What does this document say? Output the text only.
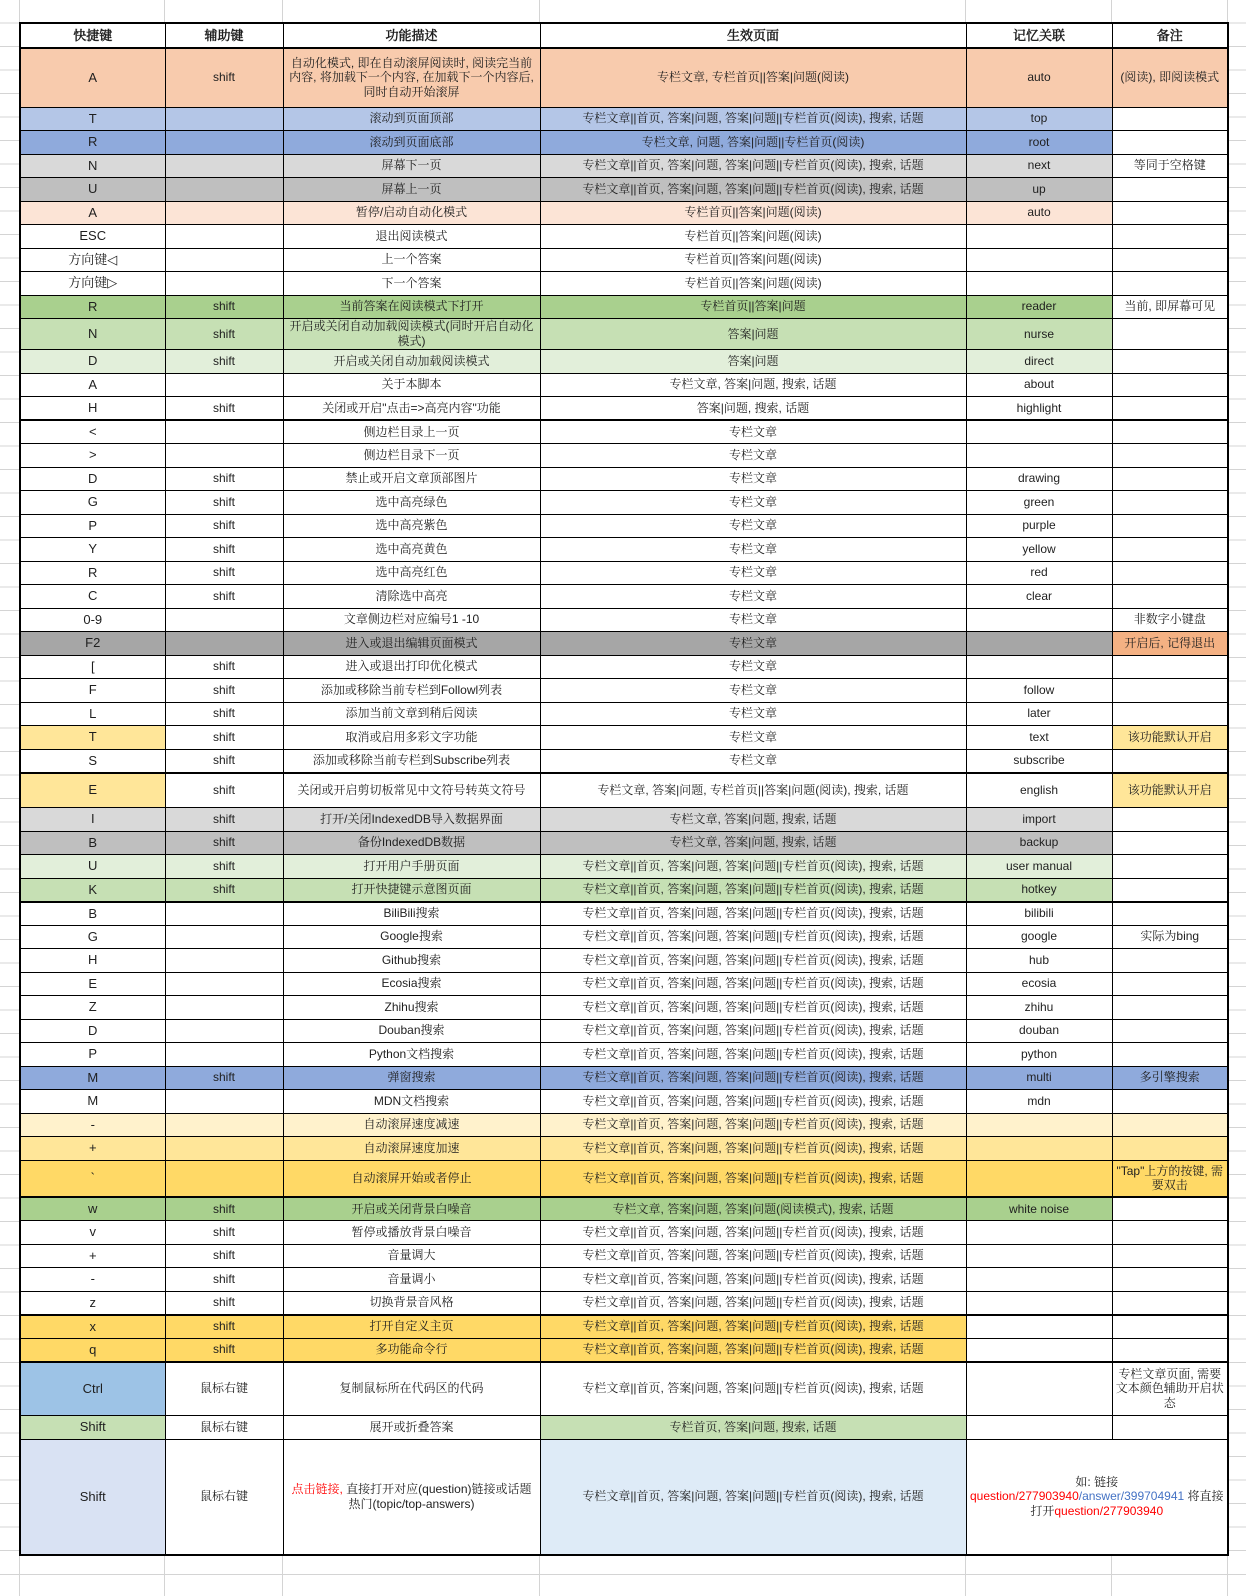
快捷键	辅助键	功能描述	生效页面	记忆关联	备注
A	shift	自动化模式, 即在自动滚屏阅读时, 阅读完当前内容, 将加载下一个内容, 在加载下一个内容后, 同时自动开始滚屏	专栏文章, 专栏首页||答案|问题(阅读)	auto	(阅读), 即阅读模式
T		滚动到页面顶部	专栏文章||首页, 答案|问题, 答案|问题||专栏首页(阅读), 搜索, 话题	top	
R		滚动到页面底部	专栏文章, 问题, 答案|问题||专栏首页(阅读)	root	
N		屏幕下一页	专栏文章||首页, 答案|问题, 答案|问题||专栏首页(阅读), 搜索, 话题	next	等同于空格键
U		屏幕上一页	专栏文章||首页, 答案|问题, 答案|问题||专栏首页(阅读), 搜索, 话题	up	
A		暂停/启动自动化模式	专栏首页||答案|问题(阅读)	auto	
ESC		退出阅读模式	专栏首页||答案|问题(阅读)		
方向键◁		上一个答案	专栏首页||答案|问题(阅读)		
方向键▷		下一个答案	专栏首页||答案|问题(阅读)		
R	shift	当前答案在阅读模式下打开	专栏首页||答案|问题	reader	当前, 即屏幕可见
N	shift	开启或关闭自动加载阅读模式(同时开启自动化模式)	答案|问题	nurse	
D	shift	开启或关闭自动加载阅读模式	答案|问题	direct	
A		关于本脚本	专栏文章, 答案|问题, 搜索, 话题	about	
H	shift	关闭或开启"点击=>高亮内容"功能	答案|问题, 搜索, 话题	highlight	
<		侧边栏目录上一页	专栏文章		
>		侧边栏目录下一页	专栏文章		
D	shift	禁止或开启文章顶部图片	专栏文章	drawing	
G	shift	选中高亮绿色	专栏文章	green	
P	shift	选中高亮紫色	专栏文章	purple	
Y	shift	选中高亮黄色	专栏文章	yellow	
R	shift	选中高亮红色	专栏文章	red	
C	shift	清除选中高亮	专栏文章	clear	
0-9		文章侧边栏对应编号1 -10	专栏文章		非数字小键盘
F2		进入或退出编辑页面模式	专栏文章		开启后, 记得退出
[	shift	进入或退出打印优化模式	专栏文章		
F	shift	添加或移除当前专栏到Followl列表	专栏文章	follow	
L	shift	添加当前文章到稍后阅读	专栏文章	later	
T	shift	取消或启用多彩文字功能	专栏文章	text	该功能默认开启
S	shift	添加或移除当前专栏到Subscribe列表	专栏文章	subscribe	
E	shift	关闭或开启剪切板常见中文符号转英文符号	专栏文章, 答案|问题, 专栏首页||答案|问题(阅读), 搜索, 话题	english	该功能默认开启
I	shift	打开/关闭IndexedDB导入数据界面	专栏文章, 答案|问题, 搜索, 话题	import	
B	shift	备份IndexedDB数据	专栏文章, 答案|问题, 搜索, 话题	backup	
U	shift	打开用户手册页面	专栏文章||首页, 答案|问题, 答案|问题||专栏首页(阅读), 搜索, 话题	user manual	
K	shift	打开快捷键示意图页面	专栏文章||首页, 答案|问题, 答案|问题||专栏首页(阅读), 搜索, 话题	hotkey	
B		BiliBili搜索	专栏文章||首页, 答案|问题, 答案|问题||专栏首页(阅读), 搜索, 话题	bilibili	
G		Google搜索	专栏文章||首页, 答案|问题, 答案|问题||专栏首页(阅读), 搜索, 话题	google	实际为bing
H		Github搜索	专栏文章||首页, 答案|问题, 答案|问题||专栏首页(阅读), 搜索, 话题	hub	
E		Ecosia搜索	专栏文章||首页, 答案|问题, 答案|问题||专栏首页(阅读), 搜索, 话题	ecosia	
Z		Zhihu搜索	专栏文章||首页, 答案|问题, 答案|问题||专栏首页(阅读), 搜索, 话题	zhihu	
D		Douban搜索	专栏文章||首页, 答案|问题, 答案|问题||专栏首页(阅读), 搜索, 话题	douban	
P		Python文档搜索	专栏文章||首页, 答案|问题, 答案|问题||专栏首页(阅读), 搜索, 话题	python	
M	shift	弹窗搜索	专栏文章||首页, 答案|问题, 答案|问题||专栏首页(阅读), 搜索, 话题	multi	多引擎搜索
M		MDN文档搜索	专栏文章||首页, 答案|问题, 答案|问题||专栏首页(阅读), 搜索, 话题	mdn	
-		自动滚屏速度减速	专栏文章||首页, 答案|问题, 答案|问题||专栏首页(阅读), 搜索, 话题		
+		自动滚屏速度加速	专栏文章||首页, 答案|问题, 答案|问题||专栏首页(阅读), 搜索, 话题		
`		自动滚屏开始或者停止	专栏文章||首页, 答案|问题, 答案|问题||专栏首页(阅读), 搜索, 话题		"Tap"上方的按键, 需要双击
w	shift	开启或关闭背景白噪音	专栏文章, 答案|问题, 答案|问题(阅读模式), 搜索, 话题	white noise	
v	shift	暂停或播放背景白噪音	专栏文章||首页, 答案|问题, 答案|问题||专栏首页(阅读), 搜索, 话题		
+	shift	音量调大	专栏文章||首页, 答案|问题, 答案|问题||专栏首页(阅读), 搜索, 话题		
-	shift	音量调小	专栏文章||首页, 答案|问题, 答案|问题||专栏首页(阅读), 搜索, 话题		
z	shift	切换背景音风格	专栏文章||首页, 答案|问题, 答案|问题||专栏首页(阅读), 搜索, 话题		
x	shift	打开自定义主页	专栏文章||首页, 答案|问题, 答案|问题||专栏首页(阅读), 搜索, 话题		
q	shift	多功能命令行	专栏文章||首页, 答案|问题, 答案|问题||专栏首页(阅读), 搜索, 话题		
Ctrl	鼠标右键	复制鼠标所在代码区的代码	专栏文章||首页, 答案|问题, 答案|问题||专栏首页(阅读), 搜索, 话题		专栏文章页面, 需要文本颜色辅助开启状态
Shift	鼠标右键	展开或折叠答案	专栏首页, 答案|问题, 搜索, 话题		
Shift	鼠标右键	点击链接, 直接打开对应(question)链接或话题热门(topic/top-answers)	专栏文章||首页, 答案|问题, 答案|问题||专栏首页(阅读), 搜索, 话题	如: 链接
question/277903940/answer/399704941 将直接打开question/277903940	
